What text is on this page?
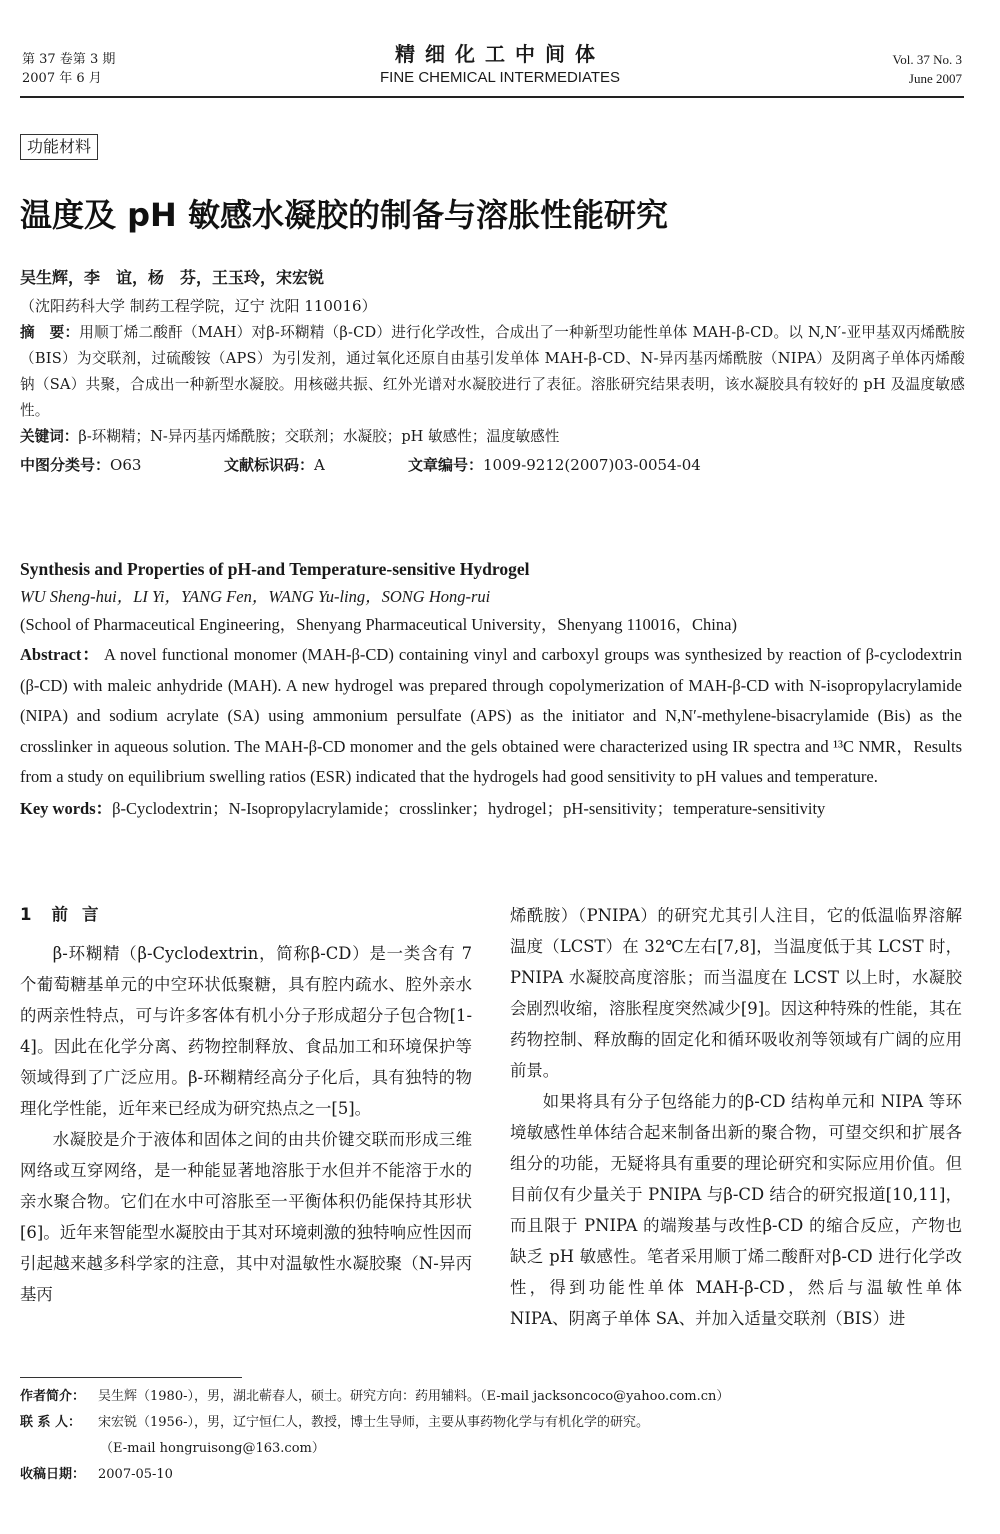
第 37 卷第 3 期
2007 年 6 月
精细化工中间体
FINE CHEMICAL INTERMEDIATES
Vol. 37 No. 3
June 2007
功能材料
温度及 pH 敏感水凝胶的制备与溶胀性能研究
吴生辉，李　谊，杨　芬，王玉玲，宋宏锐
（沈阳药科大学 制药工程学院，辽宁 沈阳 110016）
摘　要：用顺丁烯二酸酐（MAH）对β-环糊精（β-CD）进行化学改性，合成出了一种新型功能性单体 MAH-β-CD。以 N,N′-亚甲基双丙烯酰胺（BIS）为交联剂，过硫酸铵（APS）为引发剂，通过氧化还原自由基引发单体 MAH-β-CD、N-异丙基丙烯酰胺（NIPA）及阴离子单体丙烯酸钠（SA）共聚，合成出一种新型水凝胶。用核磁共振、红外光谱对水凝胶进行了表征。溶胀研究结果表明，该水凝胶具有较好的 pH 及温度敏感性。
关键词：β-环糊精；N-异丙基丙烯酰胺；交联剂；水凝胶；pH 敏感性；温度敏感性
中图分类号：O63	文献标识码：A	文章编号：1009-9212(2007)03-0054-04
Synthesis and Properties of pH-and Temperature-sensitive Hydrogel
WU Sheng-hui，LI Yi，YANG Fen，WANG Yu-ling，SONG Hong-rui
(School of Pharmaceutical Engineering，Shenyang Pharmaceutical University，Shenyang 110016，China)
Abstract： A novel functional monomer (MAH-β-CD) containing vinyl and carboxyl groups was synthesized by reaction of β-cyclodextrin (β-CD) with maleic anhydride (MAH). A new hydrogel was prepared through copolymerization of MAH-β-CD with N-isopropylacrylamide (NIPA) and sodium acrylate (SA) using ammonium persulfate (APS) as the initiator and N,N′-methylene-bisacrylamide (Bis) as the crosslinker in aqueous solution. The MAH-β-CD monomer and the gels obtained were characterized using IR spectra and ¹³C NMR，Results from a study on equilibrium swelling ratios (ESR) indicated that the hydrogels had good sensitivity to pH values and temperature.
Key words：β-Cyclodextrin；N-Isopropylacrylamide；crosslinker；hydrogel；pH-sensitivity；temperature-sensitivity
1 前言

β-环糊精（β-Cyclodextrin，简称β-CD）是一类含有 7 个葡萄糖基单元的中空环状低聚糖，具有腔内疏水、腔外亲水的两亲性特点，可与许多客体有机小分子形成超分子包合物[1-4]。因此在化学分离、药物控制释放、食品加工和环境保护等领域得到了广泛应用。β-环糊精经高分子化后，具有独特的物理化学性能，近年来已经成为研究热点之一[5]。

水凝胶是介于液体和固体之间的由共价键交联而形成三维网络或互穿网络，是一种能显著地溶胀于水但并不能溶于水的亲水聚合物。它们在水中可溶胀至一平衡体积仍能保持其形状[6]。近年来智能型水凝胶由于其对环境刺激的独特响应性因而引起越来越多科学家的注意，其中对温敏性水凝胶聚（N-异丙基丙

烯酰胺）（PNIPA）的研究尤其引人注目，它的低温临界溶解温度（LCST）在 32℃左右[7,8]，当温度低于其 LCST 时，PNIPA 水凝胶高度溶胀；而当温度在 LCST 以上时，水凝胶会剧烈收缩，溶胀程度突然减少[9]。因这种特殊的性能，其在药物控制、释放酶的固定化和循环吸收剂等领域有广阔的应用前景。

如果将具有分子包络能力的β-CD 结构单元和 NIPA 等环境敏感性单体结合起来制备出新的聚合物，可望交织和扩展各组分的功能，无疑将具有重要的理论研究和实际应用价值。但目前仅有少量关于 PNIPA 与β-CD 结合的研究报道[10,11]，而且限于 PNIPA 的端羧基与改性β-CD 的缩合反应，产物也缺乏 pH 敏感性。笔者采用顺丁烯二酸酐对β-CD 进行化学改性，得到功能性单体 MAH-β-CD，然后与温敏性单体 NIPA、阴离子单体 SA、并加入适量交联剂（BIS）进

作者简介： 吴生辉（1980-），男，湖北蕲春人，硕士。研究方向：药用辅料。（E-mail jacksoncoco@yahoo.com.cn）
联 系 人： 宋宏锐（1956-），男，辽宁恒仁人，教授，博士生导师，主要从事药物化学与有机化学的研究。
（E-mail hongruisong@163.com）
收稿日期： 2007-05-10
